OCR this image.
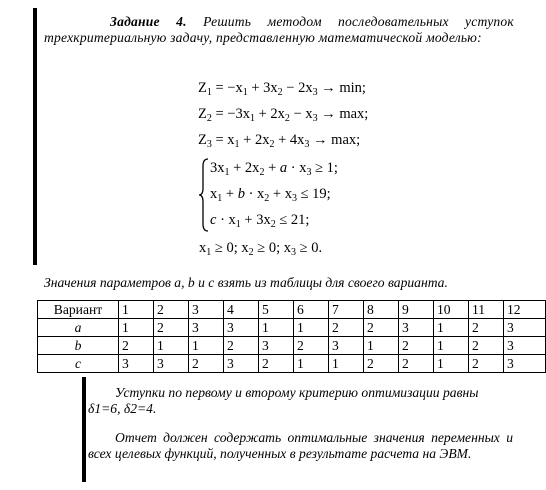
Задание 4. Решить методом последовательных уступок трехкритериальную задачу, представленную математической моделью:
$Z_1 = -x_1 + 3x_2 - 2x_3 \to \min$;
$Z_2 = -3x_1 + 2x_2 - x_3 \to \max$;
$Z_3 = x_1 + 2x_2 + 4x_3 \to \max$;
$3x_1 + 2x_2 + a \cdot x_3 \ge 1$;
$x_1 + b \cdot x_2 + x_3 \le 19$;
$c \cdot x_1 + 3x_2 \le 21$;
$x_1 \ge 0$; $x_2 \ge 0$; $x_3 \ge 0$.
Значения параметров a, b и c взять из таблицы для своего варианта.
Вариант	1	2	3	4	5	6	7	8	9	10	11	12
a	1	2	3	3	1	1	2	2	3	1	2	3
b	2	1	1	2	3	2	3	1	2	1	2	3
c	3	3	2	3	2	1	1	2	2	1	2	3
Уступки по первому и второму критерию оптимизации равны
δ1=6, δ2=4.
Отчет должен содержать оптимальные значения переменных и всех целевых функций, полученных в результате расчета на ЭВМ.
